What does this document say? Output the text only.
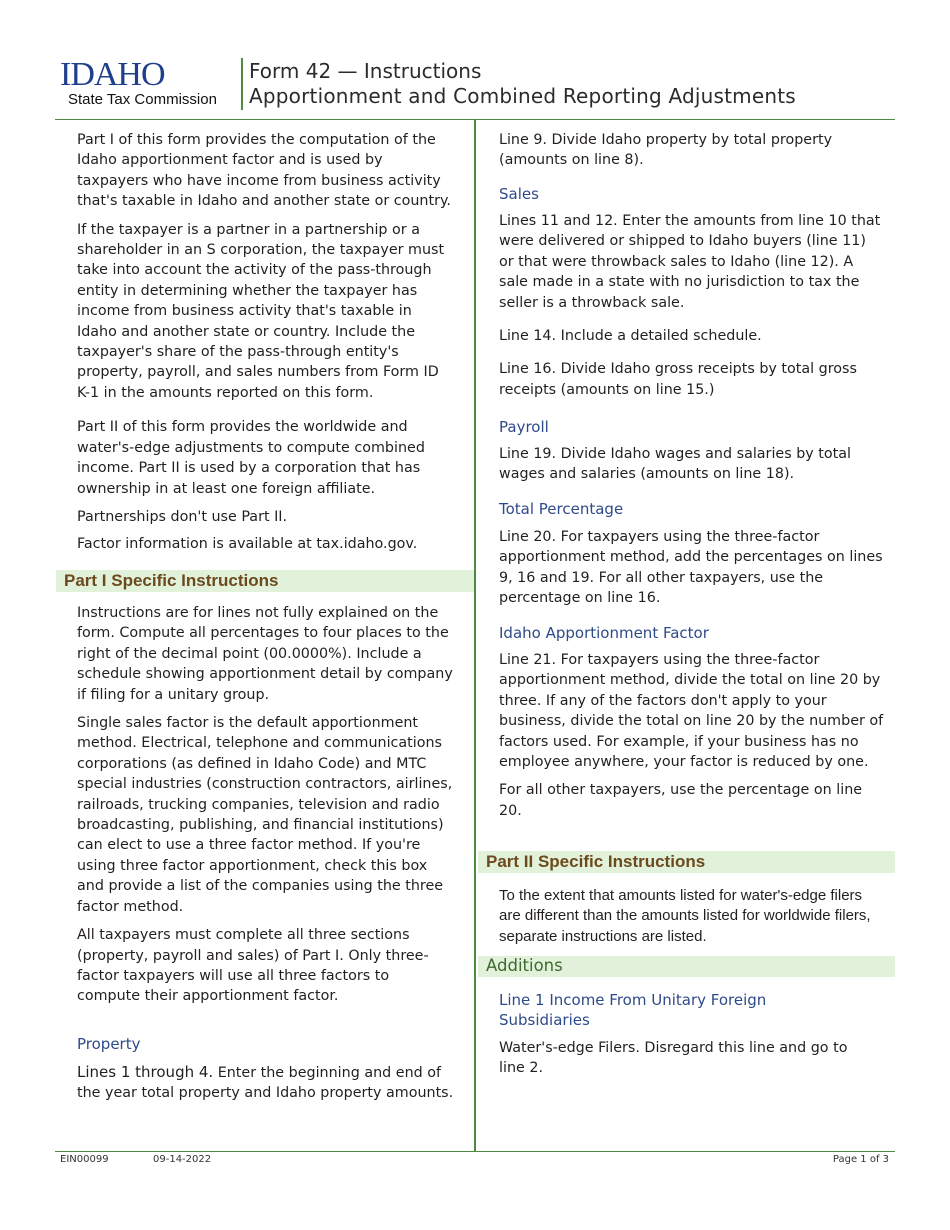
IDAHO
State Tax Commission
Form 42 — Instructions
Apportionment and Combined Reporting Adjustments

Part I of this form provides the computation of the Idaho apportionment factor and is used by taxpayers who have income from business activity that's taxable in Idaho and another state or country.

If the taxpayer is a partner in a partnership or a shareholder in an S corporation, the taxpayer must take into account the activity of the pass-through entity in determining whether the taxpayer has income from business activity that's taxable in Idaho and another state or country. Include the taxpayer's share of the pass-through entity's property, payroll, and sales numbers from Form ID K-1 in the amounts reported on this form.

Part II of this form provides the worldwide and water's-edge adjustments to compute combined income. Part II is used by a corporation that has ownership in at least one foreign affiliate.

Partnerships don't use Part II.

Factor information is available at tax.idaho.gov.

Part I Specific Instructions

Instructions are for lines not fully explained on the form. Compute all percentages to four places to the right of the decimal point (00.0000%). Include a schedule showing apportionment detail by company if filing for a unitary group.

Single sales factor is the default apportionment method. Electrical, telephone and communications corporations (as defined in Idaho Code) and MTC special industries (construction contractors, airlines, railroads, trucking companies, television and radio broadcasting, publishing, and financial institutions) can elect to use a three factor method. If you're using three factor apportionment, check this box and provide a list of the companies using the three factor method.

All taxpayers must complete all three sections (property, payroll and sales) of Part I. Only three-factor taxpayers will use all three factors to compute their apportionment factor.

Property

Lines 1 through 4. Enter the beginning and end of the year total property and Idaho property amounts.

Line 9. Divide Idaho property by total property (amounts on line 8).

Sales

Lines 11 and 12. Enter the amounts from line 10 that were delivered or shipped to Idaho buyers (line 11) or that were throwback sales to Idaho (line 12). A sale made in a state with no jurisdiction to tax the seller is a throwback sale.

Line 14. Include a detailed schedule.

Line 16. Divide Idaho gross receipts by total gross receipts (amounts on line 15.)

Payroll

Line 19. Divide Idaho wages and salaries by total wages and salaries (amounts on line 18).

Total Percentage

Line 20. For taxpayers using the three-factor apportionment method, add the percentages on lines 9, 16 and 19. For all other taxpayers, use the percentage on line 16.

Idaho Apportionment Factor

Line 21. For taxpayers using the three-factor apportionment method, divide the total on line 20 by three. If any of the factors don't apply to your business, divide the total on line 20 by the number of factors used. For example, if your business has no employee anywhere, your factor is reduced by one.

For all other taxpayers, use the percentage on line 20.

Part II Specific Instructions

To the extent that amounts listed for water's-edge filers are different than the amounts listed for worldwide filers, separate instructions are listed.

Additions
Line 1 Income From Unitary Foreign Subsidiaries

Water's-edge Filers. Disregard this line and go to line 2.

EIN00099	09-14-2022	Page 1 of 3
